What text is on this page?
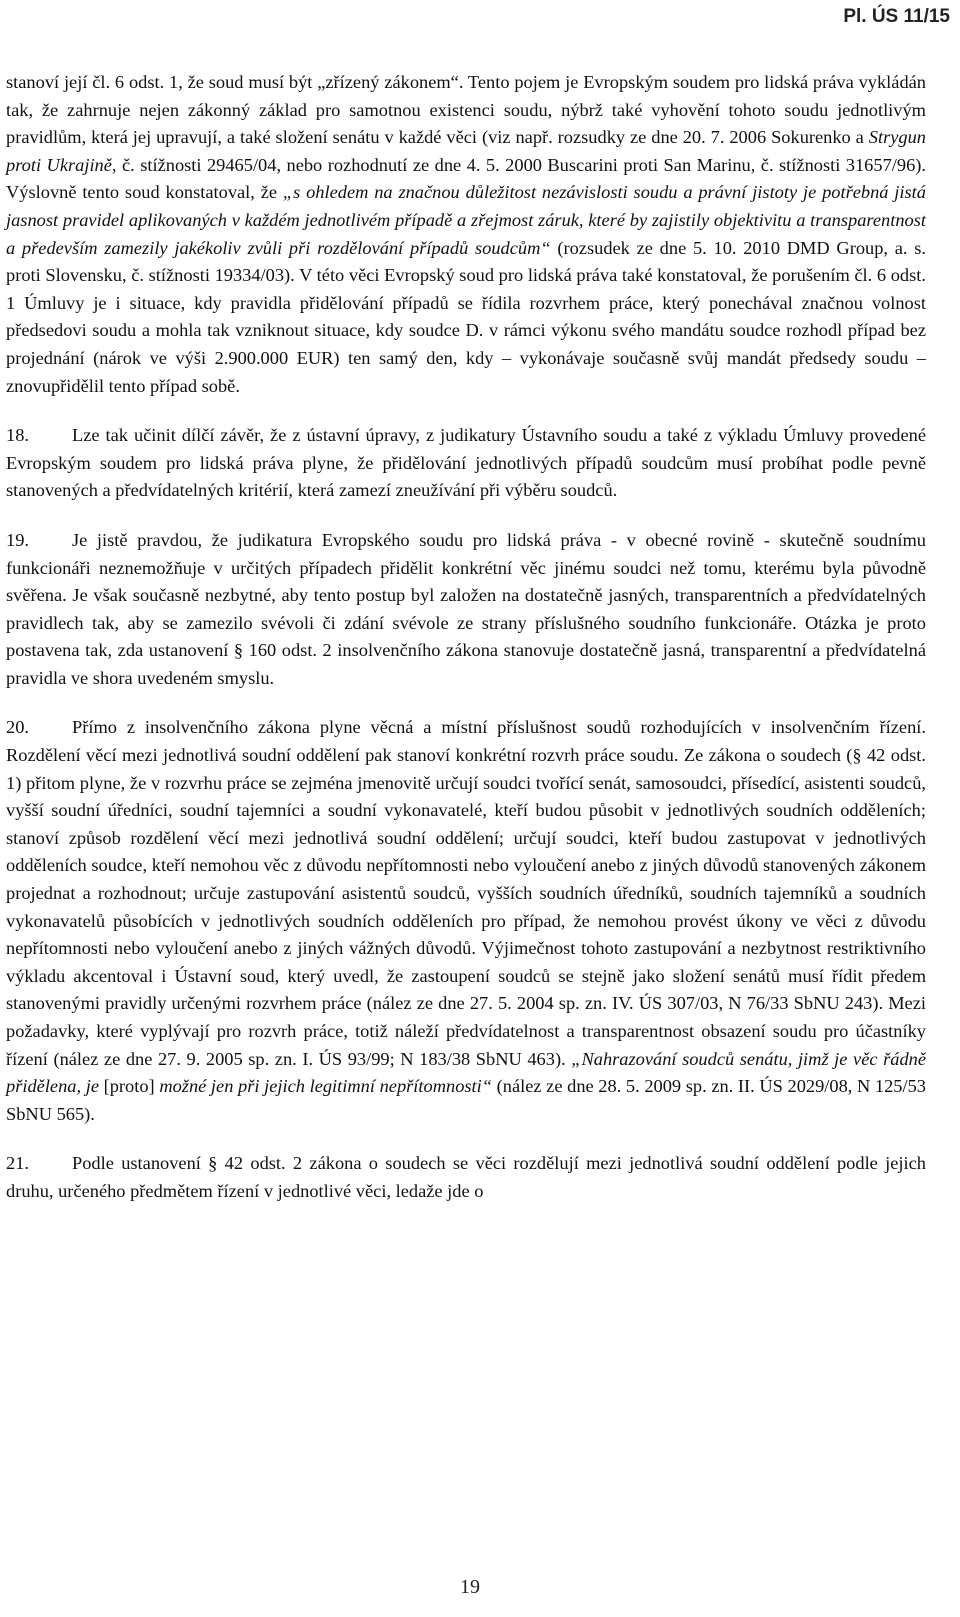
Pl. ÚS 11/15

stanoví její čl. 6 odst. 1, že soud musí být „zřízený zákonem“. Tento pojem je Evropským soudem pro lidská práva vykládán tak, že zahrnuje nejen zákonný základ pro samotnou existenci soudu, nýbrž také vyhovění tohoto soudu jednotlivým pravidlům, která jej upravují, a také složení senátu v každé věci (viz např. rozsudky ze dne 20. 7. 2006 Sokurenko a Strygun proti Ukrajině, č. stížnosti 29465/04, nebo rozhodnutí ze dne 4. 5. 2000 Buscarini proti San Marinu, č. stížnosti 31657/96). Výslovně tento soud konstatoval, že „s ohledem na značnou důležitost nezávislosti soudu a právní jistoty je potřebná jistá jasnost pravidel aplikovaných v každém jednotlivém případě a zřejmost záruk, které by zajistily objektivitu a transparentnost a především zamezily jakékoliv zvůli při rozdělování případů soudcům“ (rozsudek ze dne 5. 10. 2010 DMD Group, a. s. proti Slovensku, č. stížnosti 19334/03). V této věci Evropský soud pro lidská práva také konstatoval, že porušením čl. 6 odst. 1 Úmluvy je i situace, kdy pravidla přidělování případů se řídila rozvrhem práce, který ponechával značnou volnost předsedovi soudu a mohla tak vzniknout situace, kdy soudce D. v rámci výkonu svého mandátu soudce rozhodl případ bez projednání (nárok ve výši 2.900.000 EUR) ten samý den, kdy – vykonávaje současně svůj mandát předsedy soudu – znovupřidělil tento případ sobě.

18. Lze tak učinit dílčí závěr, že z ústavní úpravy, z judikatury Ústavního soudu a také z výkladu Úmluvy provedené Evropským soudem pro lidská práva plyne, že přidělování jednotlivých případů soudcům musí probíhat podle pevně stanovených a předvídatelných kritérií, která zamezí zneužívání při výběru soudců.

19. Je jistě pravdou, že judikatura Evropského soudu pro lidská práva - v obecné rovině - skutečně soudnímu funkcionáři neznemožňuje v určitých případech přidělit konkrétní věc jinému soudci než tomu, kterému byla původně svěřena. Je však současně nezbytné, aby tento postup byl založen na dostatečně jasných, transparentních a předvídatelných pravidlech tak, aby se zamezilo svévoli či zdání svévole ze strany příslušného soudního funkcionáře. Otázka je proto postavena tak, zda ustanovení § 160 odst. 2 insolvenčního zákona stanovuje dostatečně jasná, transparentní a předvídatelná pravidla ve shora uvedeném smyslu.

20. Přímo z insolvenčního zákona plyne věcná a místní příslušnost soudů rozhodujících v insolvenčním řízení. Rozdělení věcí mezi jednotlivá soudní oddělení pak stanoví konkrétní rozvrh práce soudu. Ze zákona o soudech (§ 42 odst. 1) přitom plyne, že v rozvrhu práce se zejména jmenovitě určují soudci tvořící senát, samosoudci, přísedící, asistenti soudců, vyšší soudní úředníci, soudní tajemníci a soudní vykonavatelé, kteří budou působit v jednotlivých soudních odděleních; stanoví způsob rozdělení věcí mezi jednotlivá soudní oddělení; určují soudci, kteří budou zastupovat v jednotlivých odděleních soudce, kteří nemohou věc z důvodu nepřítomnosti nebo vyloučení anebo z jiných důvodů stanovených zákonem projednat a rozhodnout; určuje zastupování asistentů soudců, vyšších soudních úředníků, soudních tajemníků a soudních vykonavatelů působících v jednotlivých soudních odděleních pro případ, že nemohou provést úkony ve věci z důvodu nepřítomnosti nebo vyloučení anebo z jiných vážných důvodů. Výjimečnost tohoto zastupování a nezbytnost restriktivního výkladu akcentoval i Ústavní soud, který uvedl, že zastoupení soudců se stejně jako složení senátů musí řídit předem stanovenými pravidly určenými rozvrhem práce (nález ze dne 27. 5. 2004 sp. zn. IV. ÚS 307/03, N 76/33 SbNU 243). Mezi požadavky, které vyplývají pro rozvrh práce, totiž náleží předvídatelnost a transparentnost obsazení soudu pro účastníky řízení (nález ze dne 27. 9. 2005 sp. zn. I. ÚS 93/99; N 183/38 SbNU 463). „Nahrazování soudců senátu, jimž je věc řádně přidělena, je [proto] možné jen při jejich legitimní nepřítomnosti“ (nález ze dne 28. 5. 2009 sp. zn. II. ÚS 2029/08, N 125/53 SbNU 565).

21. Podle ustanovení § 42 odst. 2 zákona o soudech se věci rozdělují mezi jednotlivá soudní oddělení podle jejich druhu, určeného předmětem řízení v jednotlivé věci, ledaže jde o

19
